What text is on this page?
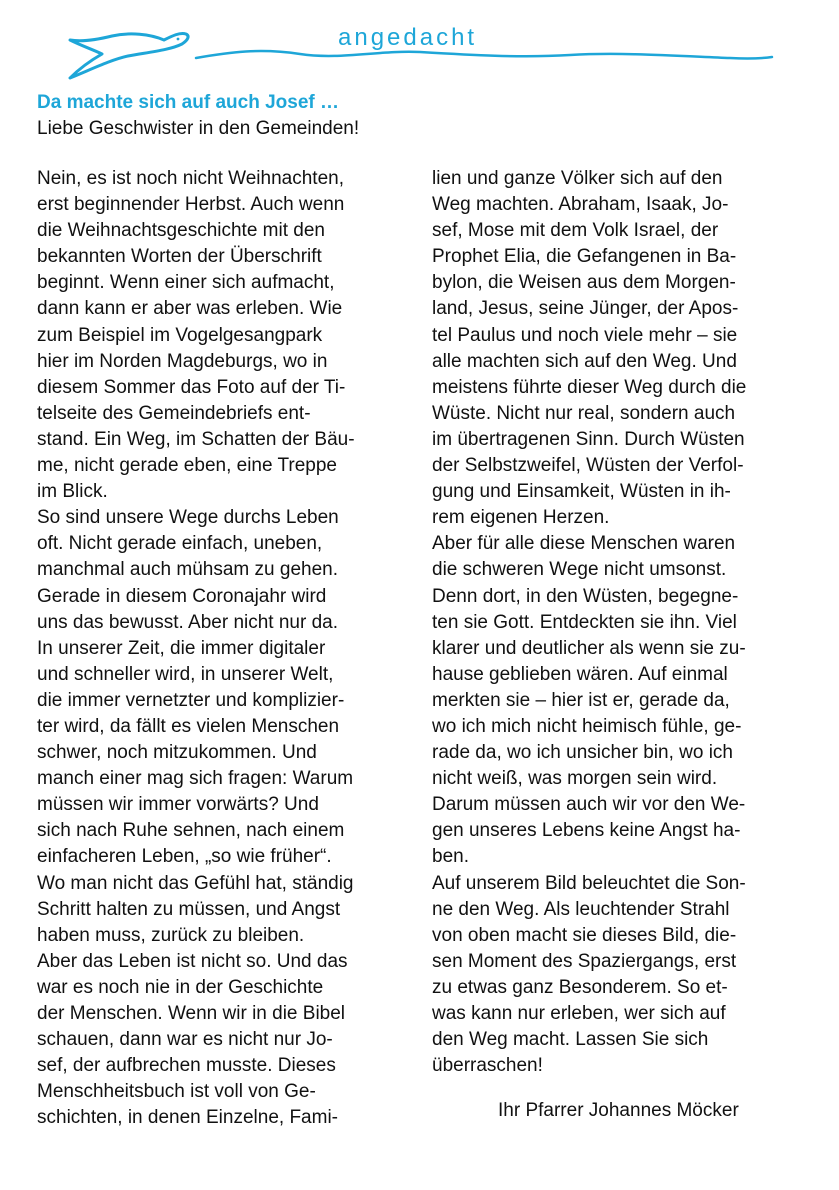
angedacht
Da machte sich auf auch Josef …
Liebe Geschwister in den Gemeinden!
Nein, es ist noch nicht Weihnachten,
erst beginnender Herbst. Auch wenn
die Weihnachtsgeschichte mit den
bekannten Worten der Überschrift
beginnt. Wenn einer sich aufmacht,
dann kann er aber was erleben. Wie
zum Beispiel im Vogelgesangpark
hier im Norden Magdeburgs, wo in
diesem Sommer das Foto auf der Ti-
telseite des Gemeindebriefs ent-
stand. Ein Weg, im Schatten der Bäu-
me, nicht gerade eben, eine Treppe
im Blick.
So sind unsere Wege durchs Leben
oft. Nicht gerade einfach, uneben,
manchmal auch mühsam zu gehen.
Gerade in diesem Coronajahr wird
uns das bewusst. Aber nicht nur da.
In unserer Zeit, die immer digitaler
und schneller wird, in unserer Welt,
die immer vernetzter und komplizier-
ter wird, da fällt es vielen Menschen
schwer, noch mitzukommen. Und
manch einer mag sich fragen: Warum
müssen wir immer vorwärts? Und
sich nach Ruhe sehnen, nach einem
einfacheren Leben, „so wie früher“.
Wo man nicht das Gefühl hat, ständig
Schritt halten zu müssen, und Angst
haben muss, zurück zu bleiben.
Aber das Leben ist nicht so. Und das
war es noch nie in der Geschichte
der Menschen. Wenn wir in die Bibel
schauen, dann war es nicht nur Jo-
sef, der aufbrechen musste. Dieses
Menschheitsbuch ist voll von Ge-
schichten, in denen Einzelne, Fami-
lien und ganze Völker sich auf den
Weg machten. Abraham, Isaak, Jo-
sef, Mose mit dem Volk Israel, der
Prophet Elia, die Gefangenen in Ba-
bylon, die Weisen aus dem Morgen-
land, Jesus, seine Jünger, der Apos-
tel Paulus und noch viele mehr – sie
alle machten sich auf den Weg. Und
meistens führte dieser Weg durch die
Wüste. Nicht nur real, sondern auch
im übertragenen Sinn. Durch Wüsten
der Selbstzweifel, Wüsten der Verfol-
gung und Einsamkeit, Wüsten in ih-
rem eigenen Herzen.
Aber für alle diese Menschen waren
die schweren Wege nicht umsonst.
Denn dort, in den Wüsten, begegne-
ten sie Gott. Entdeckten sie ihn. Viel
klarer und deutlicher als wenn sie zu-
hause geblieben wären. Auf einmal
merkten sie – hier ist er, gerade da,
wo ich mich nicht heimisch fühle, ge-
rade da, wo ich unsicher bin, wo ich
nicht weiß, was morgen sein wird.
Darum müssen auch wir vor den We-
gen unseres Lebens keine Angst ha-
ben.
Auf unserem Bild beleuchtet die Son-
ne den Weg. Als leuchtender Strahl
von oben macht sie dieses Bild, die-
sen Moment des Spaziergangs, erst
zu etwas ganz Besonderem. So et-
was kann nur erleben, wer sich auf
den Weg macht. Lassen Sie sich
überraschen!
Ihr Pfarrer Johannes Möcker
